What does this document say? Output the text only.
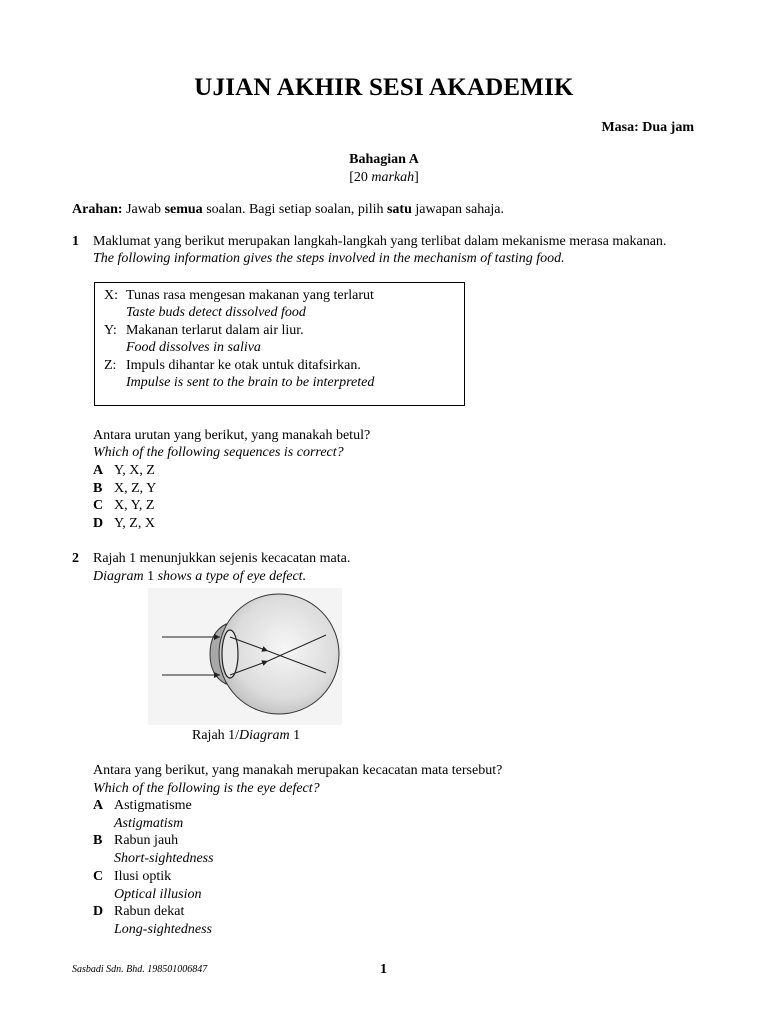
UJIAN AKHIR SESI AKADEMIK
Masa: Dua jam
Bahagian A
[20 markah]
Arahan: Jawab semua soalan. Bagi setiap soalan, pilih satu jawapan sahaja.
1 Maklumat yang berikut merupakan langkah-langkah yang terlibat dalam mekanisme merasa makanan.
The following information gives the steps involved in the mechanism of tasting food.
X: Tunas rasa mengesan makanan yang terlarut
Taste buds detect dissolved food
Y: Makanan terlarut dalam air liur.
Food dissolves in saliva
Z: Impuls dihantar ke otak untuk ditafsirkan.
Impulse is sent to the brain to be interpreted
Antara urutan yang berikut, yang manakah betul?
Which of the following sequences is correct?
A Y, X, Z
B X, Z, Y
C X, Y, Z
D Y, Z, X
2 Rajah 1 menunjukkan sejenis kecacatan mata.
Diagram 1 shows a type of eye defect.
Rajah 1/Diagram 1
Antara yang berikut, yang manakah merupakan kecacatan mata tersebut?
Which of the following is the eye defect?
A Astigmatisme
Astigmatism
B Rabun jauh
Short-sightedness
C Ilusi optik
Optical illusion
D Rabun dekat
Long-sightedness
Sasbadi Sdn. Bhd. 198501006847	1
